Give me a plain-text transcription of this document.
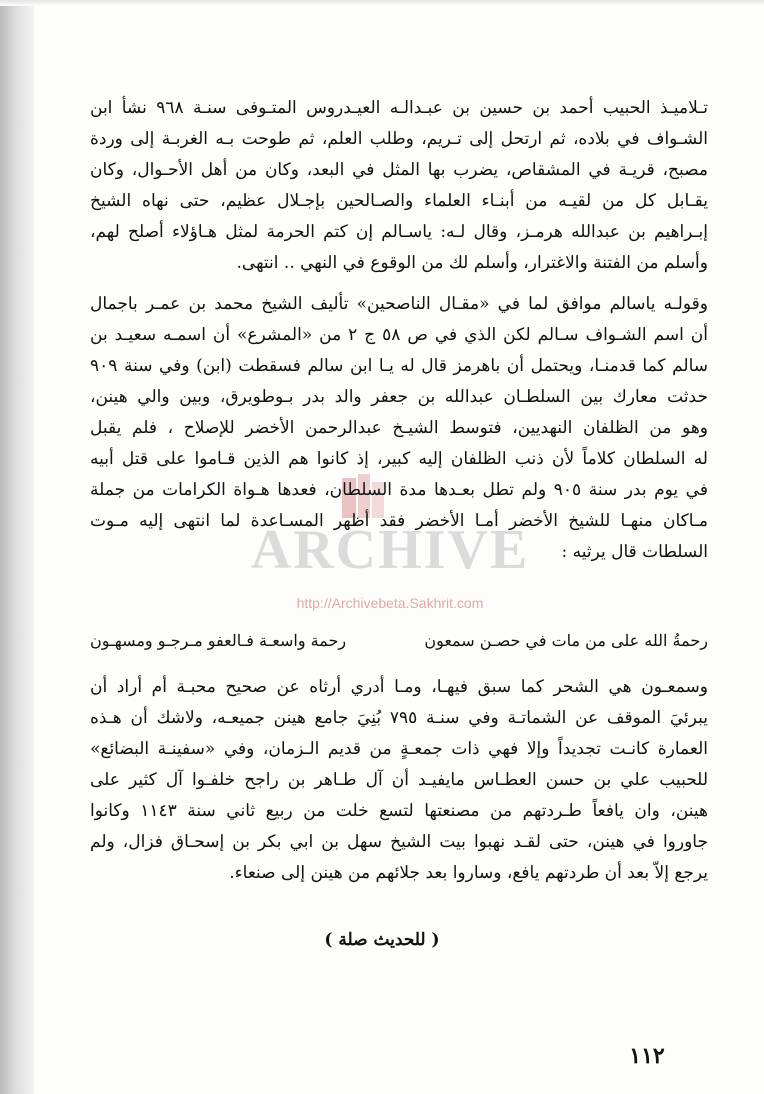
ARCHIVE
http://Archivebeta.Sakhrit.com
تـلاميـذ الحبيب أحمد بن حسين بن عبـدالـه العيـدروس المتـوفى سنـة ٩٦٨ نشأ ابن
الشـواف في بلاده، ثم ارتحل إلى تـريم، وطلب العلم، ثم طوحت بـه الغربـة إلى وردة
مصبح، قريـة في المشقاص، يضرب بها المثل في البعد، وكان من أهل الأحـوال، وكان
يقـابل كل من لقيـه من أبنـاء العلماء والصـالحين بإجـلال عظيم، حتى نهاه الشيخ
إبـراهيم بن عبدالله هرمـز، وقال لـه: ياسـالم إن كتم الحرمة لمثل هـاؤلاء أصلح لهم،
وأسلم من الفتنة والاغترار، وأسلم لك من الوقوع في النهي .. انتهى.
وقولـه ياسالم موافق لما في «مقـال الناصحين» تأليف الشيخ محمد بن عمـر باجمال
أن اسم الشـواف سـالم لكن الذي في ص ٥٨ ج ٢ من «المشرع» أن اسمـه سعيـد بن
سالم كما قدمنـا، ويحتمل أن باهرمز قال له يـا ابن سالم فسقطت (ابن) وفي سنة ٩٠٩
حدثت معارك بين السلطـان عبدالله بن جعفر والد بدر بـوطويرق، وبين والي هينن،
وهو من الظلفان النهديين، فتوسط الشيـخ عبدالرحمن الأخضر للإصلاح ، فلم يقبل
له السلطان كلاماً لأن ذنب الظلفان إليه كبير، إذ كانوا هم الذين قـاموا على قتل أبيه
في يوم بدر سنة ٩٠٥ ولم تطل بعـدها مدة السلطان، فعدها هـواة الكرامات من جملة
مـاكان منهـا للشيخ الأخضر أمـا الأخضر فقد أظهر المسـاعدة لما انتهى إليه مـوت
السلطات قال يرثيه :
رحمةُ الله على من مات في حصـن سمعون
رحمة واسعـة فـالعفو مـرجـو ومسهـون
وسمعـون هي الشحر كما سبق فيهـا، ومـا أدري أرثاه عن صحيح محبـة أم أراد أن
يبرئيَ الموقف عن الشماتـة وفي سنـة ٧٩٥ بُنِيَ جامع هينن جميعـه، ولاشك أن هـذه
العمارة كانـت تجديداً وإلا فهي ذات جمعـةٍ من قديم الـزمان، وفي «سفينـة البضائع»
للحبيب علي بن حسن العطـاس مايفيـد أن آل طـاهر بن راجح خلفـوا آل كثير على
هينن، وان يافعاً طـردتهم من مصنعتها لتسع خلت من ربيع ثاني سنة ١١٤٣ وكانوا
جاوروا في هينن، حتى لقـد نهبوا بيت الشيخ سهل بن ابي بكر بن إسحـاق فزال، ولم
يرجع إلاّ بعد أن طردتهم يافع، وساروا بعد جلائهم من هينن إلى صنعاء.
( للحديث صلة )
١١٢
